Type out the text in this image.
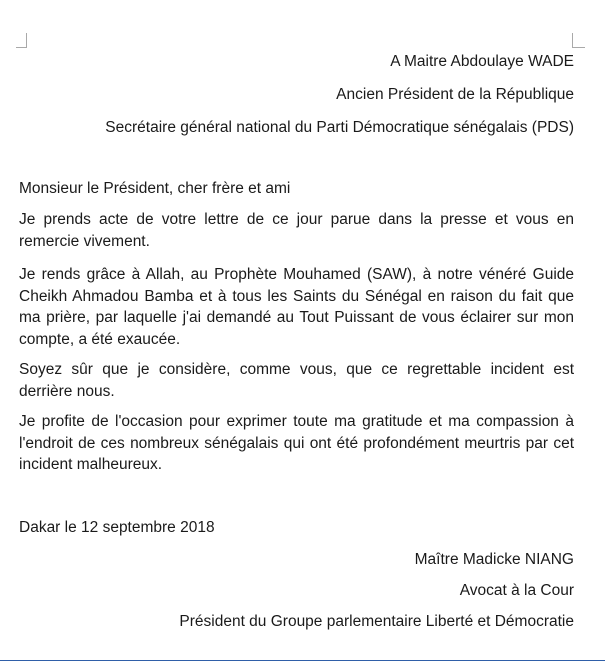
A Maitre Abdoulaye WADE
Ancien Président de la République
Secrétaire général national du Parti Démocratique sénégalais (PDS)
Monsieur le Président, cher frère et ami
Je prends acte de votre lettre de ce jour parue dans la presse et vous en remercie vivement.
Je rends grâce à Allah, au Prophète Mouhamed (SAW), à notre vénéré Guide Cheikh Ahmadou Bamba et à tous les Saints du Sénégal en raison du fait que ma prière, par laquelle j'ai demandé au Tout Puissant de vous éclairer sur mon compte, a été exaucée.
Soyez sûr que je considère, comme vous, que ce regrettable incident est derrière nous.
Je profite de l'occasion pour exprimer toute ma gratitude et ma compassion à l'endroit de ces nombreux sénégalais qui ont été profondément meurtris par cet incident malheureux.
Dakar le 12 septembre 2018
Maître Madicke NIANG
Avocat à la Cour
Président du Groupe parlementaire Liberté et Démocratie
